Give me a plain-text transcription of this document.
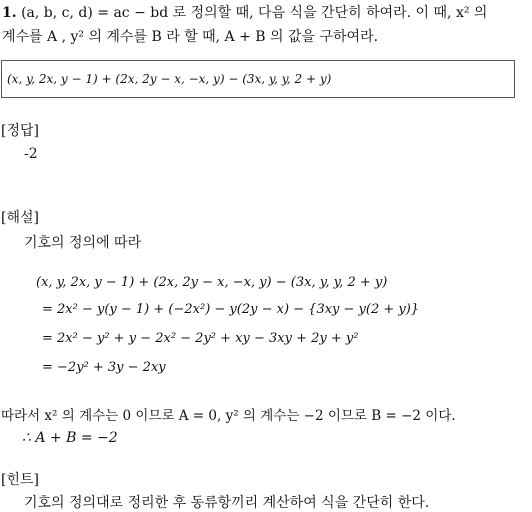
1. (a, b, c, d) = ac − bd 로 정의할 때, 다음 식을 간단히 하여라. 이 때, x² 의
계수를 A , y² 의 계수를 B 라 할 때, A + B 의 값을 구하여라.
(x, y, 2x, y − 1) + (2x, 2y − x, −x, y) − (3x, y, y, 2 + y)
[정답]
-2
[해설]
기호의 정의에 따라
(x, y, 2x, y − 1) + (2x, 2y − x, −x, y) − (3x, y, y, 2 + y)
= 2x² − y(y − 1) + (−2x²) − y(2y − x) − {3xy − y(2 + y)}
= 2x² − y² + y − 2x² − 2y² + xy − 3xy + 2y + y²
= −2y² + 3y − 2xy
따라서 x² 의 계수는 0 이므로 A = 0, y² 의 계수는 −2 이므로 B = −2 이다.
∴ A + B = −2
[힌트]
기호의 정의대로 정리한 후 동류항끼리 계산하여 식을 간단히 한다.
